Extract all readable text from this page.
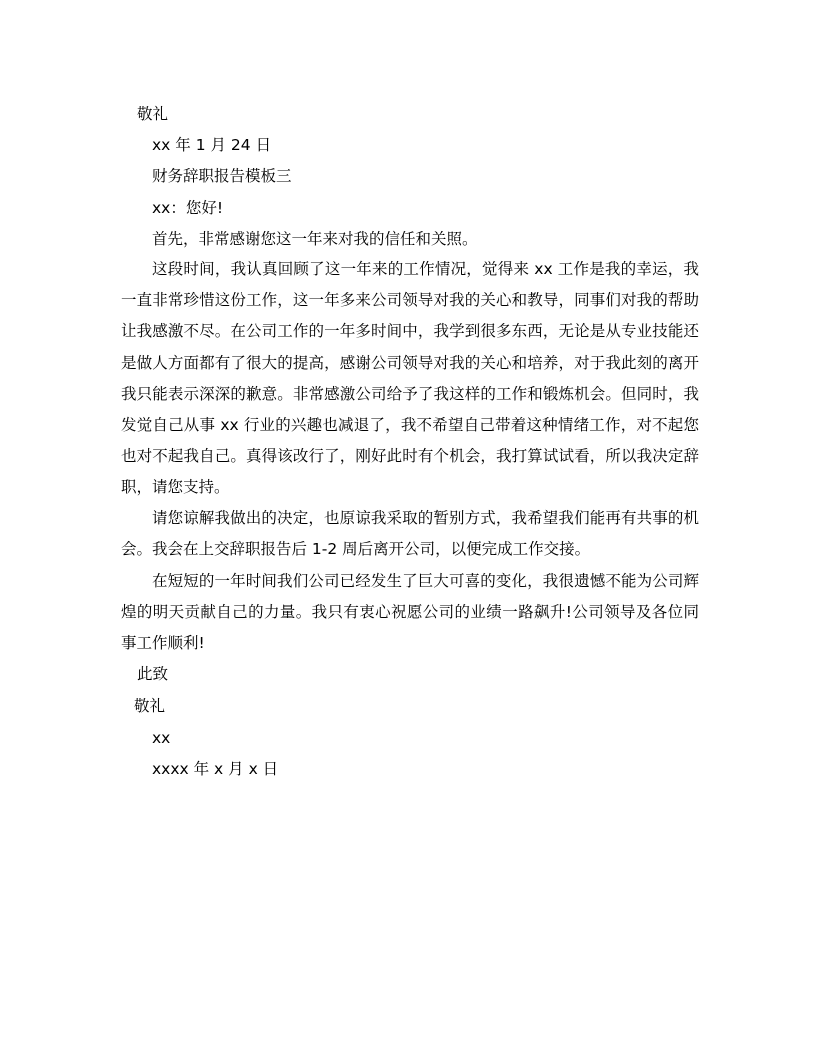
敬礼
xx 年 1 月 24 日
财务辞职报告模板三
xx：您好!
首先，非常感谢您这一年来对我的信任和关照。

这段时间，我认真回顾了这一年来的工作情况，觉得来 xx 工作是我的幸运，我一直非常珍惜这份工作，这一年多来公司领导对我的关心和教导，同事们对我的帮助让我感激不尽。在公司工作的一年多时间中，我学到很多东西，无论是从专业技能还是做人方面都有了很大的提高，感谢公司领导对我的关心和培养，对于我此刻的离开我只能表示深深的歉意。非常感激公司给予了我这样的工作和锻炼机会。但同时，我发觉自己从事 xx 行业的兴趣也减退了，我不希望自己带着这种情绪工作，对不起您也对不起我自己。真得该改行了，刚好此时有个机会，我打算试试看，所以我决定辞职，请您支持。

请您谅解我做出的决定，也原谅我采取的暂别方式，我希望我们能再有共事的机会。我会在上交辞职报告后 1-2 周后离开公司，以便完成工作交接。

在短短的一年时间我们公司已经发生了巨大可喜的变化，我很遗憾不能为公司辉煌的明天贡献自己的力量。我只有衷心祝愿公司的业绩一路飙升!公司领导及各位同事工作顺利!

此致
敬礼
xx
xxxx 年 x 月 x 日
